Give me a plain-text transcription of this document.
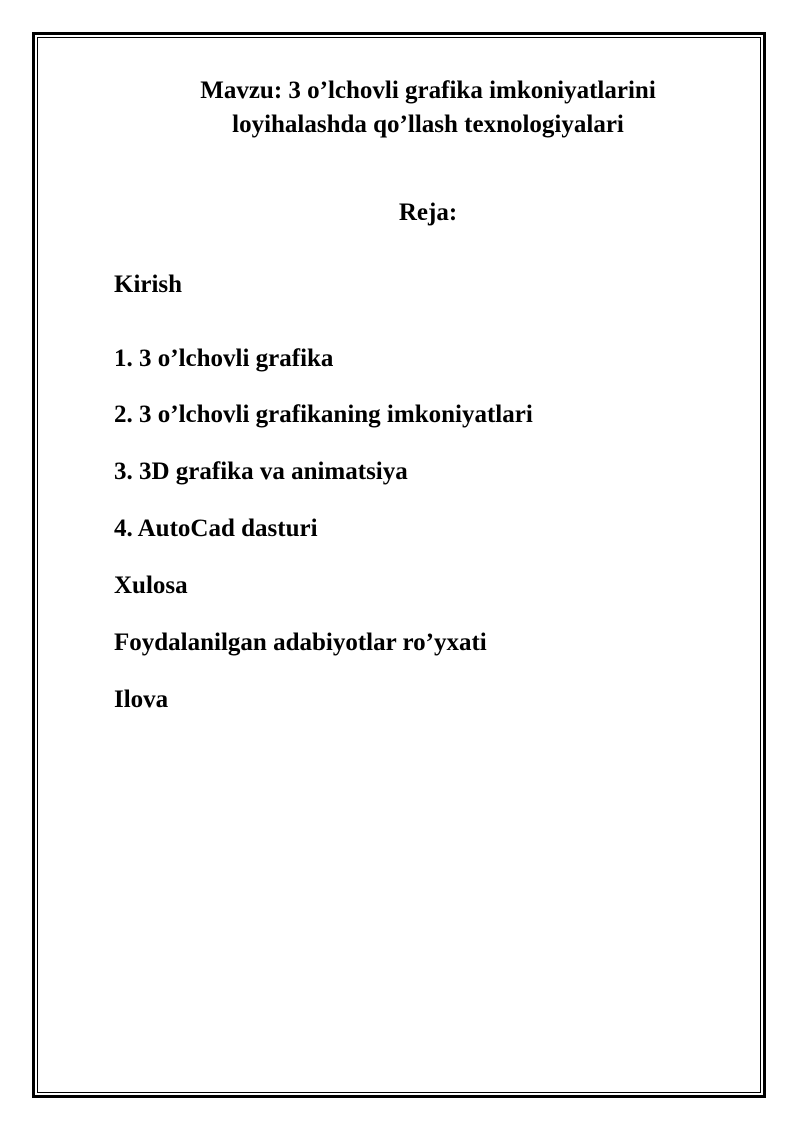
Mavzu: 3 o’lchovli grafika imkoniyatlarini
loyihalashda qo’llash texnologiyalari
Reja:
Kirish
1. 3 o’lchovli grafika
2. 3 o’lchovli grafikaning imkoniyatlari
3. 3D grafika va animatsiya
4. AutoCad dasturi
Xulosa
Foydalanilgan adabiyotlar ro’yxati
Ilova
